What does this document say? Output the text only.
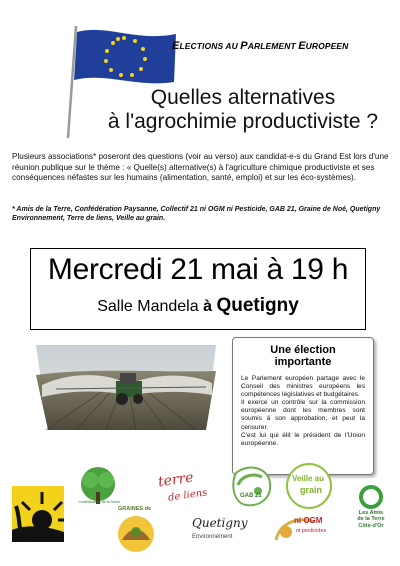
ELECTIONS AU PARLEMENT EUROPEEN
Quelles alternatives
à l'agrochimie productiviste ?
Plusieurs associations* poseront des questions (voir au verso) aux candidat-e-s du Grand Est lors d'une réunion publique sur le thème : « Quelle(s) alternative(s) à l'agriculture chimique productiviste et ses conséquences néfastes sur les humains (alimentation, santé, emploi) et sur les éco-systèmes).
* Amis de la Terre, Confédération Paysanne, Collectif 21 ni OGM ni Pesticide, GAB 21, Graine de Noé, Quetigny Environnement, Terre de liens, Veille au grain.
Mercredi 21 mai à 19 h
Salle Mandela à Quetigny
Une élection importante

Le Parlement européen partage avec le Conseil des ministres européens les compétences législatives et budgétaires.

Il exerce un contrôle sur la commission européenne dont les membres sont soumis à son approbation, et peut la censurer.

C'est lui qui élit le président de l'Union européenne.

Confédération de la Sucre
terre
de liens	GAB 21
Veille au
grain
Les Amis
de la Terre
Côte-d'Or
GRAINES de
Quetigny
Environnement
ni OGM
ni pesticides
